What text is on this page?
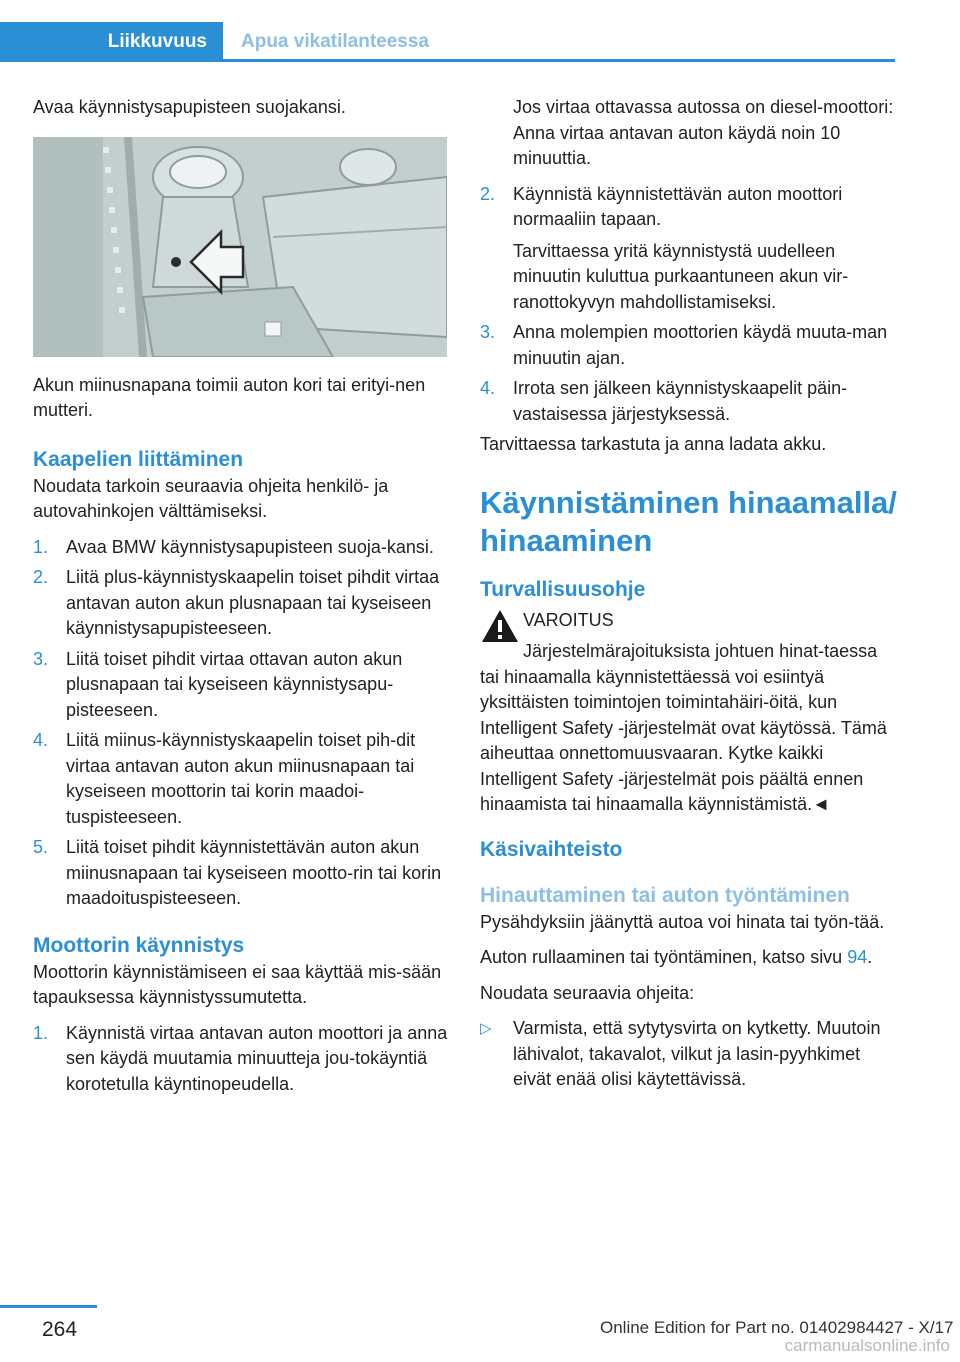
Liikkuvuus	Apua vikatilanteessa

Avaa käynnistysapupisteen suojakansi.

Akun miinusnapana toimii auton kori tai erityi‐nen mutteri.

Kaapelien liittäminen

Noudata tarkoin seuraavia ohjeita henkilö- ja autovahinkojen välttämiseksi.

1. Avaa BMW käynnistysapupisteen suoja‐kansi.
2. Liitä plus-käynnistyskaapelin toiset pihdit virtaa antavan auton akun plusnapaan tai kyseiseen käynnistysapupisteeseen.
3. Liitä toiset pihdit virtaa ottavan auton akun plusnapaan tai kyseiseen käynnistysapu‐pisteeseen.
4. Liitä miinus-käynnistyskaapelin toiset pih‐dit virtaa antavan auton akun miinusnapaan tai kyseiseen moottorin tai korin maadoi‐tuspisteeseen.
5. Liitä toiset pihdit käynnistettävän auton akun miinusnapaan tai kyseiseen mootto‐rin tai korin maadoituspisteeseen.
Moottorin käynnistys

Moottorin käynnistämiseen ei saa käyttää mis‐sään tapauksessa käynnistyssumutetta.

1. Käynnistä virtaa antavan auton moottori ja anna sen käydä muutamia minuutteja jou‐tokäyntiä korotetulla käyntinopeudella.

Jos virtaa ottavassa autossa on diesel‐moottori: Anna virtaa antavan auton käydä noin 10 minuuttia.

2. Käynnistä käynnistettävän auton moottori normaaliin tapaan.
Tarvittaessa yritä käynnistystä uudelleen minuutin kuluttua purkaantuneen akun vir‐ranottokyvyn mahdollistamiseksi.
3. Anna molempien moottorien käydä muuta‐man minuutin ajan.
4. Irrota sen jälkeen käynnistyskaapelit päin‐vastaisessa järjestyksessä.

Tarvittaessa tarkastuta ja anna ladata akku.

Käynnistäminen hinaamalla/ hinaaminen
Turvallisuusohje
VAROITUS

Järjestelmärajoituksista johtuen hinat‐taessa tai hinaamalla käynnistettäessä voi esiintyä yksittäisten toimintojen toimintahäiri‐öitä, kun Intelligent Safety -järjestelmät ovat käytössä. Tämä aiheuttaa onnettomuusvaaran. Kytke kaikki Intelligent Safety -järjestelmät pois päältä ennen hinaamista tai hinaamalla käynnistämistä.◄

Käsivaihteisto
Hinauttaminen tai auton työntäminen

Pysähdyksiin jäänyttä autoa voi hinata tai työn‐tää.

Auton rullaaminen tai työntäminen, katso sivu 94.

Noudata seuraavia ohjeita:

▷ Varmista, että sytytysvirta on kytketty. Muutoin lähivalot, takavalot, vilkut ja lasin‐pyyhkimet eivät enää olisi käytettävissä.
264	Online Edition for Part no. 01402984427 - X/17
carmanualsonline.info
